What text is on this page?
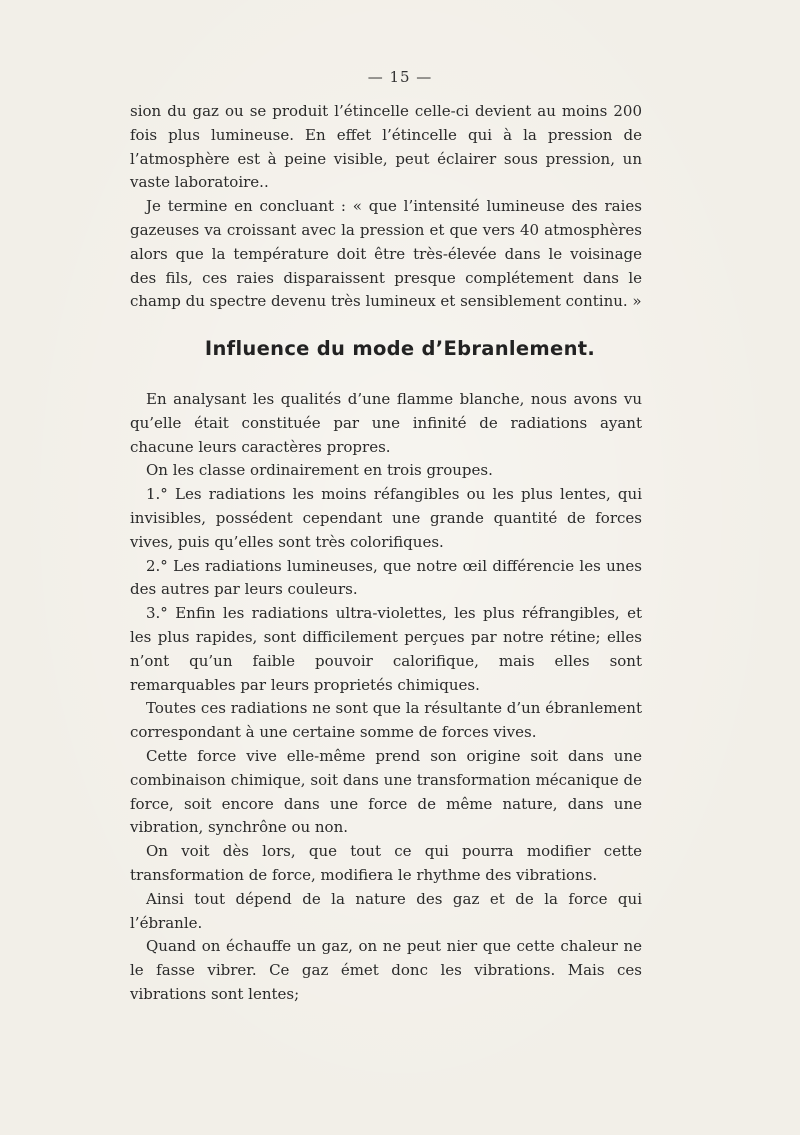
— 15 —

sion du gaz ou se produit l’étincelle celle-ci devient au moins 200 fois plus lumineuse. En effet l’étincelle qui à la pression de l’atmosphère est à peine visible, peut éclairer sous pression, un vaste laboratoire..

Je termine en concluant : « que l’intensité lumineuse des raies gazeuses va croissant avec la pression et que vers 40 atmosphères alors que la température doit être très-élevée dans le voisinage des fils, ces raies disparaissent presque complétement dans le champ du spectre devenu très lumineux et sensiblement continu. »

Influence du mode d’Ebranlement.

En analysant les qualités d’une flamme blanche, nous avons vu qu’elle était constituée par une infinité de radiations ayant chacune leurs caractères propres.

On les classe ordinairement en trois groupes.

1.° Les radiations les moins réfangibles ou les plus lentes, qui invisibles, possédent cependant une grande quantité de forces vives, puis qu’elles sont très colorifiques.

2.° Les radiations lumineuses, que notre œil différencie les unes des autres par leurs couleurs.

3.° Enfin les radiations ultra-violettes, les plus réfrangibles, et les plus rapides, sont difficilement perçues par notre rétine; elles n’ont qu’un faible pouvoir calorifique, mais elles sont remarquables par leurs proprietés chimiques.

Toutes ces radiations ne sont que la résultante d’un ébranlement correspondant à une certaine somme de forces vives.

Cette force vive elle-même prend son origine soit dans une combinaison chimique, soit dans une transformation mécanique de force, soit encore dans une force de même nature, dans une vibration, synchrône ou non.

On voit dès lors, que tout ce qui pourra modifier cette transformation de force, modifiera le rhythme des vibrations.

Ainsi tout dépend de la nature des gaz et de la force qui l’ébranle.

Quand on échauffe un gaz, on ne peut nier que cette chaleur ne le fasse vibrer. Ce gaz émet donc les vibrations. Mais ces vibrations sont lentes;
